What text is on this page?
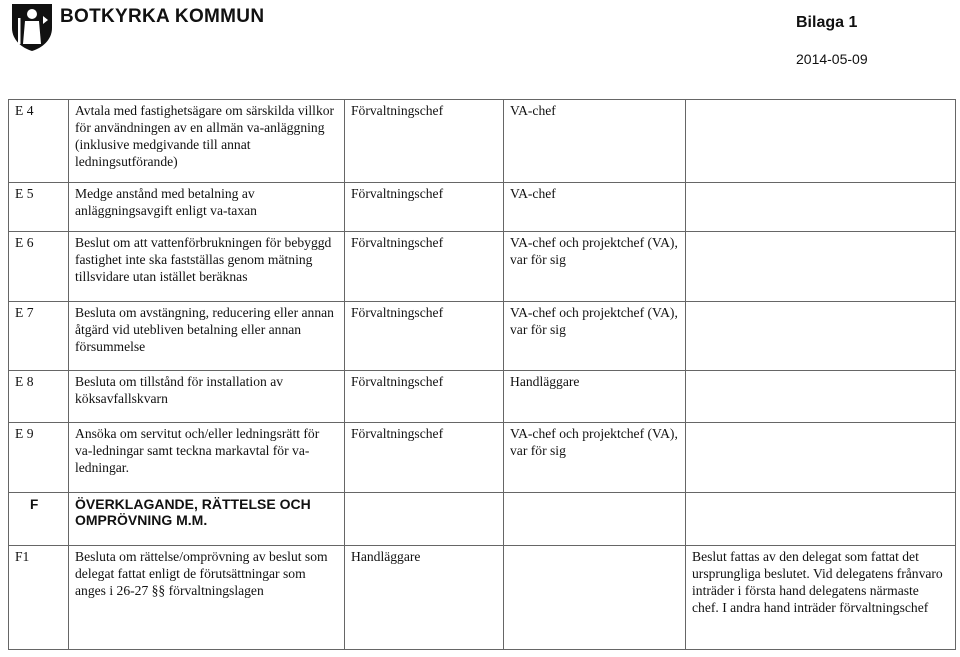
BOTKYRKA KOMMUN	Bilaga 1
2014-05-09
E 4	Avtala med fastighetsägare om särskilda villkor för användningen av en allmän va-anläggning (inklusive medgivande till annat ledningsutförande)	Förvaltningschef	VA-chef	

E 5	Medge anstånd med betalning av anläggningsavgift enligt va-taxan	Förvaltningschef	VA-chef	

E 6	Beslut om att vattenförbrukningen för bebyggd fastighet inte ska fastställas genom mätning tillsvidare utan istället beräknas	Förvaltningschef	VA-chef och projektchef (VA), var för sig	

E 7	Besluta om avstängning, reducering eller annan åtgärd vid utebliven betalning eller annan försummelse	Förvaltningschef	VA-chef och projektchef (VA), var för sig	

E 8	Besluta om tillstånd för installation av köksavfallskvarn	Förvaltningschef	Handläggare	

E 9	Ansöka om servitut och/eller ledningsrätt för va-ledningar samt teckna markavtal för va-ledningar.	Förvaltningschef	VA-chef och projektchef (VA), var för sig	

F	ÖVERKLAGANDE, RÄTTELSE OCH OMPRÖVNING M.M.			

F1	Besluta om rättelse/omprövning av beslut som delegat fattat enligt de förutsättningar som anges i 26-27 §§ förvaltningslagen	Handläggare		Beslut fattas av den delegat som fattat det ursprungliga beslutet. Vid delegatens frånvaro inträder i första hand delegatens närmaste chef. I andra hand inträder förvaltningschef
